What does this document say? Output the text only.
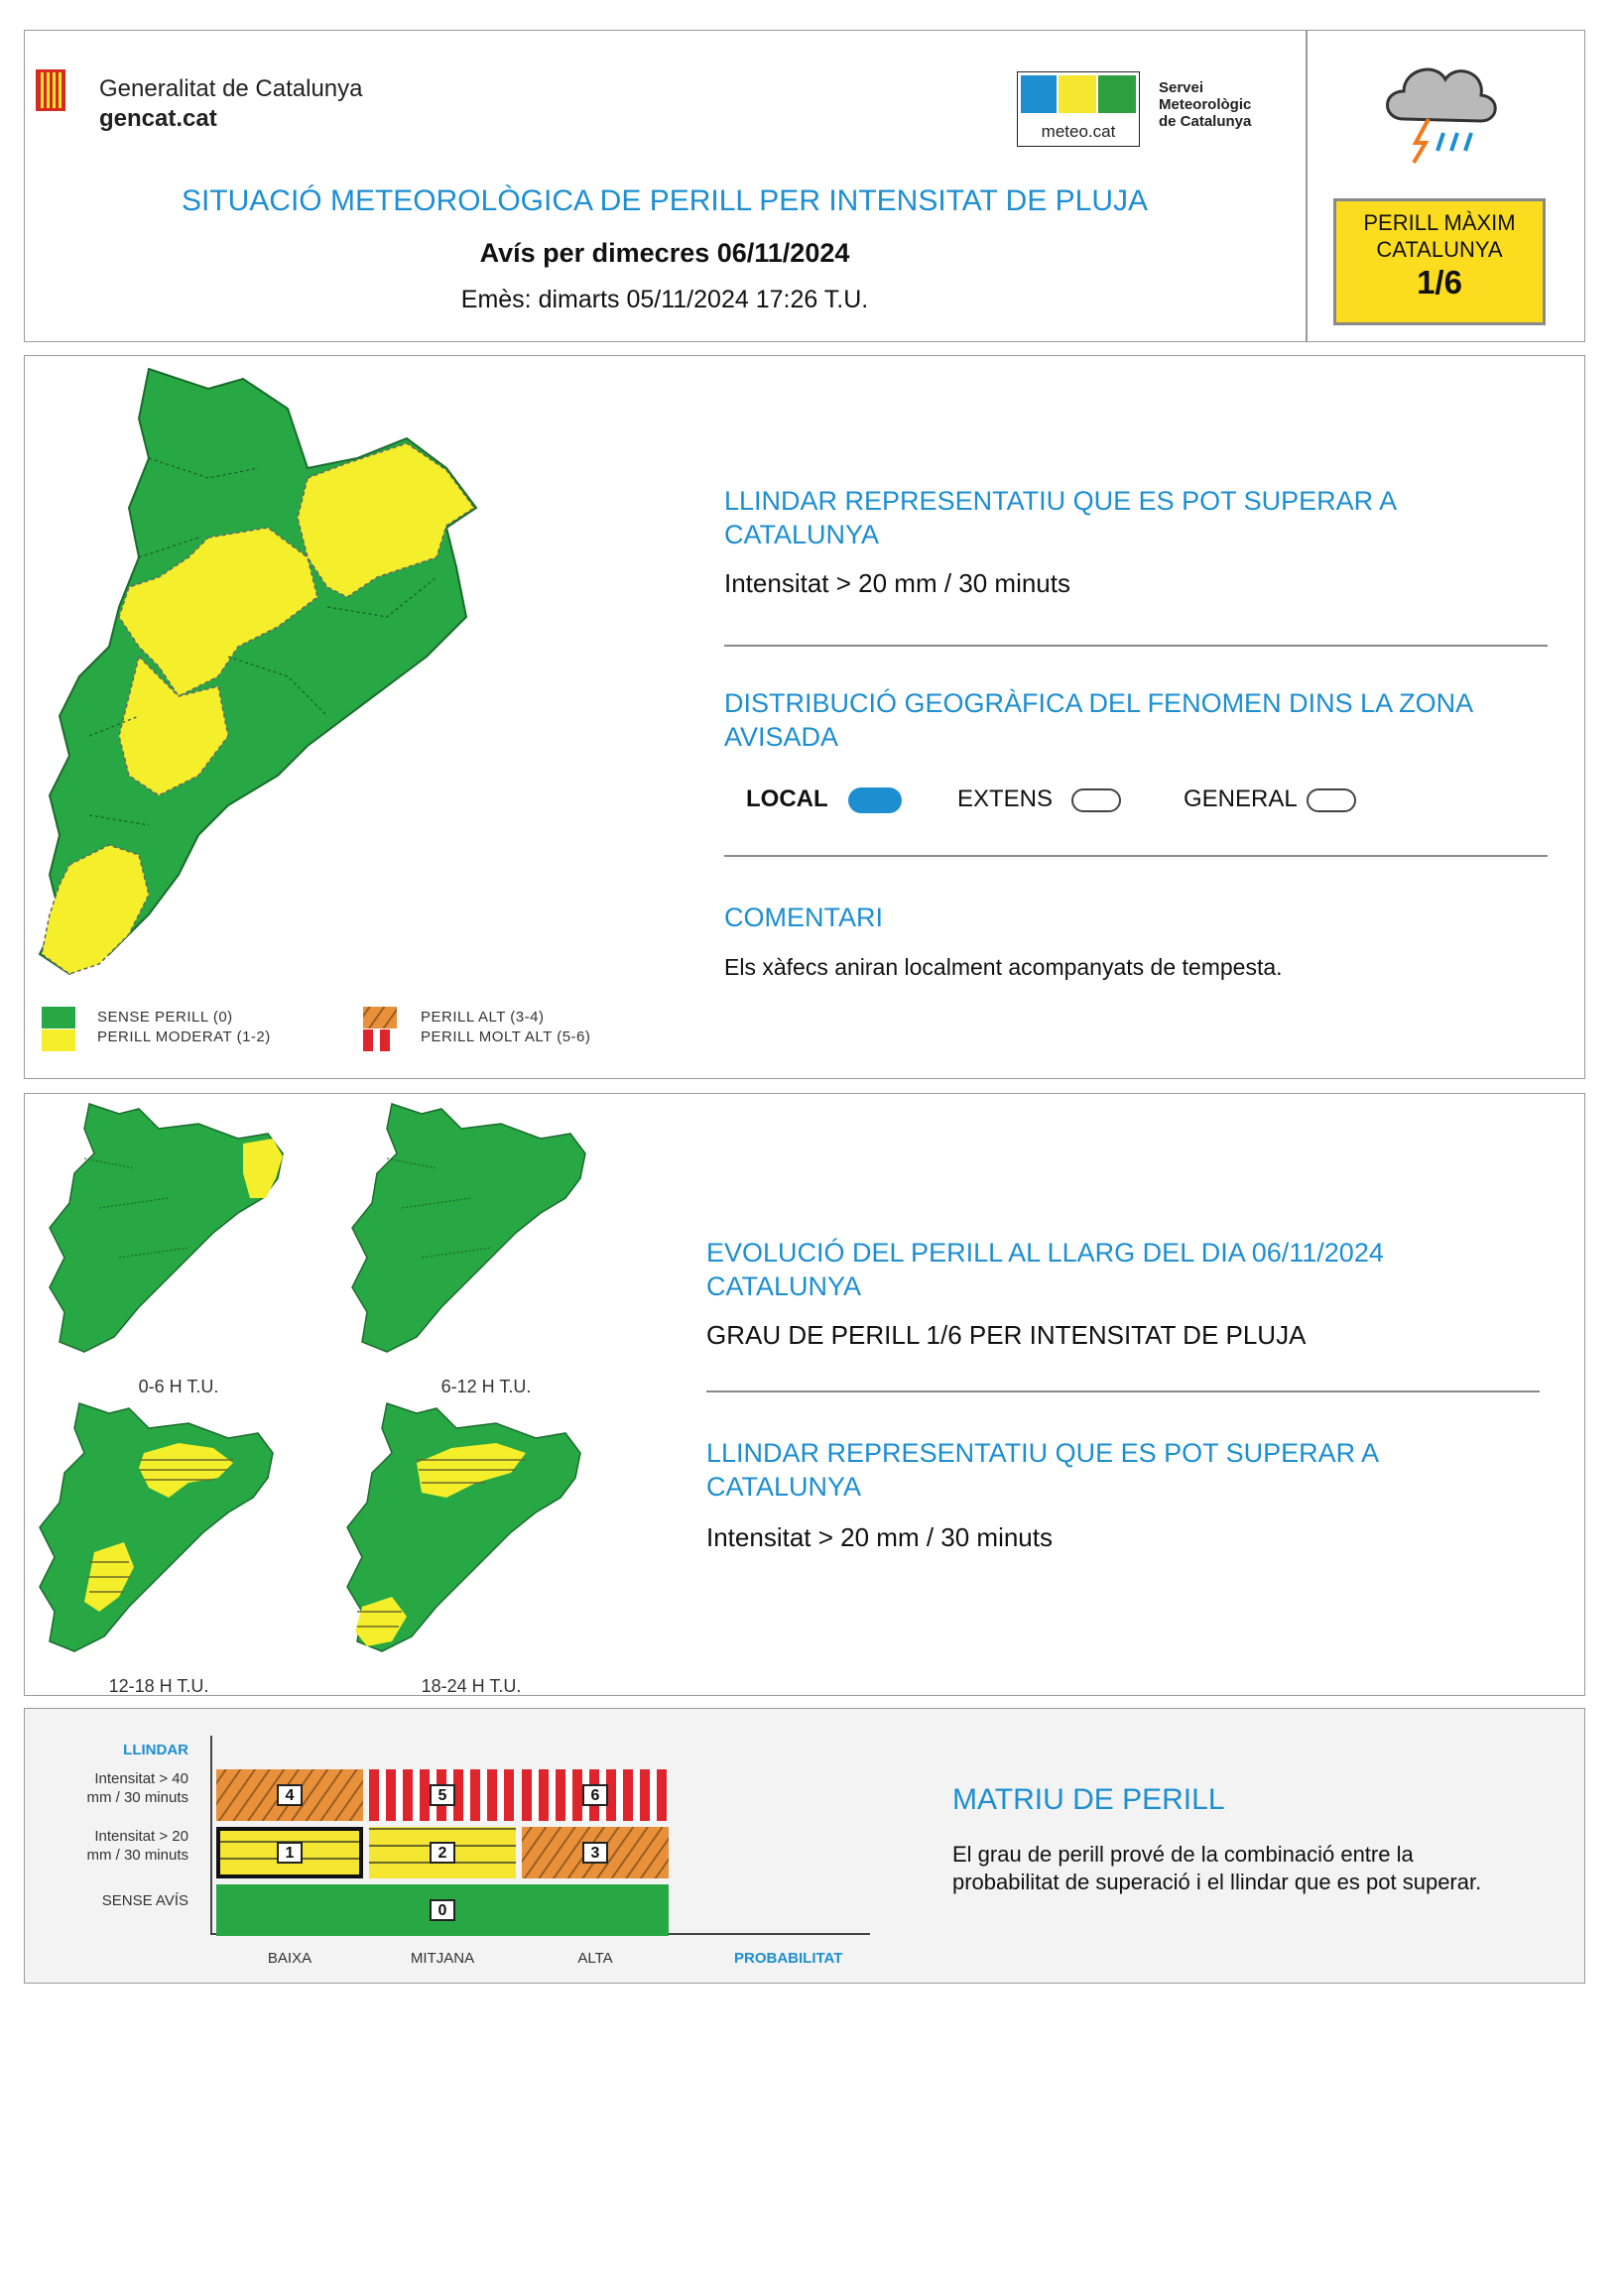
Generalitat de Catalunya
gencat.cat	meteo.cat
Servei
Meteorològic
de Catalunya
SITUACIÓ METEOROLÒGICA DE PERILL PER INTENSITAT DE PLUJA
Avís per dimecres 06/11/2024
Emès: dimarts 05/11/2024 17:26 T.U.
PERILL MÀXIM
CATALUNYA
1/6
SENSE PERILL (0)
PERILL MODERAT (1-2)
PERILL ALT (3-4)
PERILL MOLT ALT (5-6)
LLINDAR REPRESENTATIU QUE ES POT SUPERAR A CATALUNYA
Intensitat > 20 mm / 30 minuts
DISTRIBUCIÓ GEOGRÀFICA DEL FENOMEN DINS LA ZONA AVISADA
LOCAL	EXTENS	GENERAL
COMENTARI
Els xàfecs aniran localment acompanyats de tempesta.
0-6 H T.U.	6-12 H T.U.
12-18 H T.U.	18-24 H T.U.
EVOLUCIÓ DEL PERILL AL LLARG DEL DIA 06/11/2024 CATALUNYA
GRAU DE PERILL 1/6 PER INTENSITAT DE PLUJA
LLINDAR REPRESENTATIU QUE ES POT SUPERAR A CATALUNYA
Intensitat > 20 mm / 30 minuts
LLINDAR
Intensitat > 40
mm / 30 minuts
Intensitat > 20
mm / 30 minuts
SENSE AVÍS
4	5	6
1	2	3
0
BAIXA	MITJANA	ALTA	PROBABILITAT
MATRIU DE PERILL
El grau de perill prové de la combinació entre la probabilitat de superació i el llindar que es pot superar.
